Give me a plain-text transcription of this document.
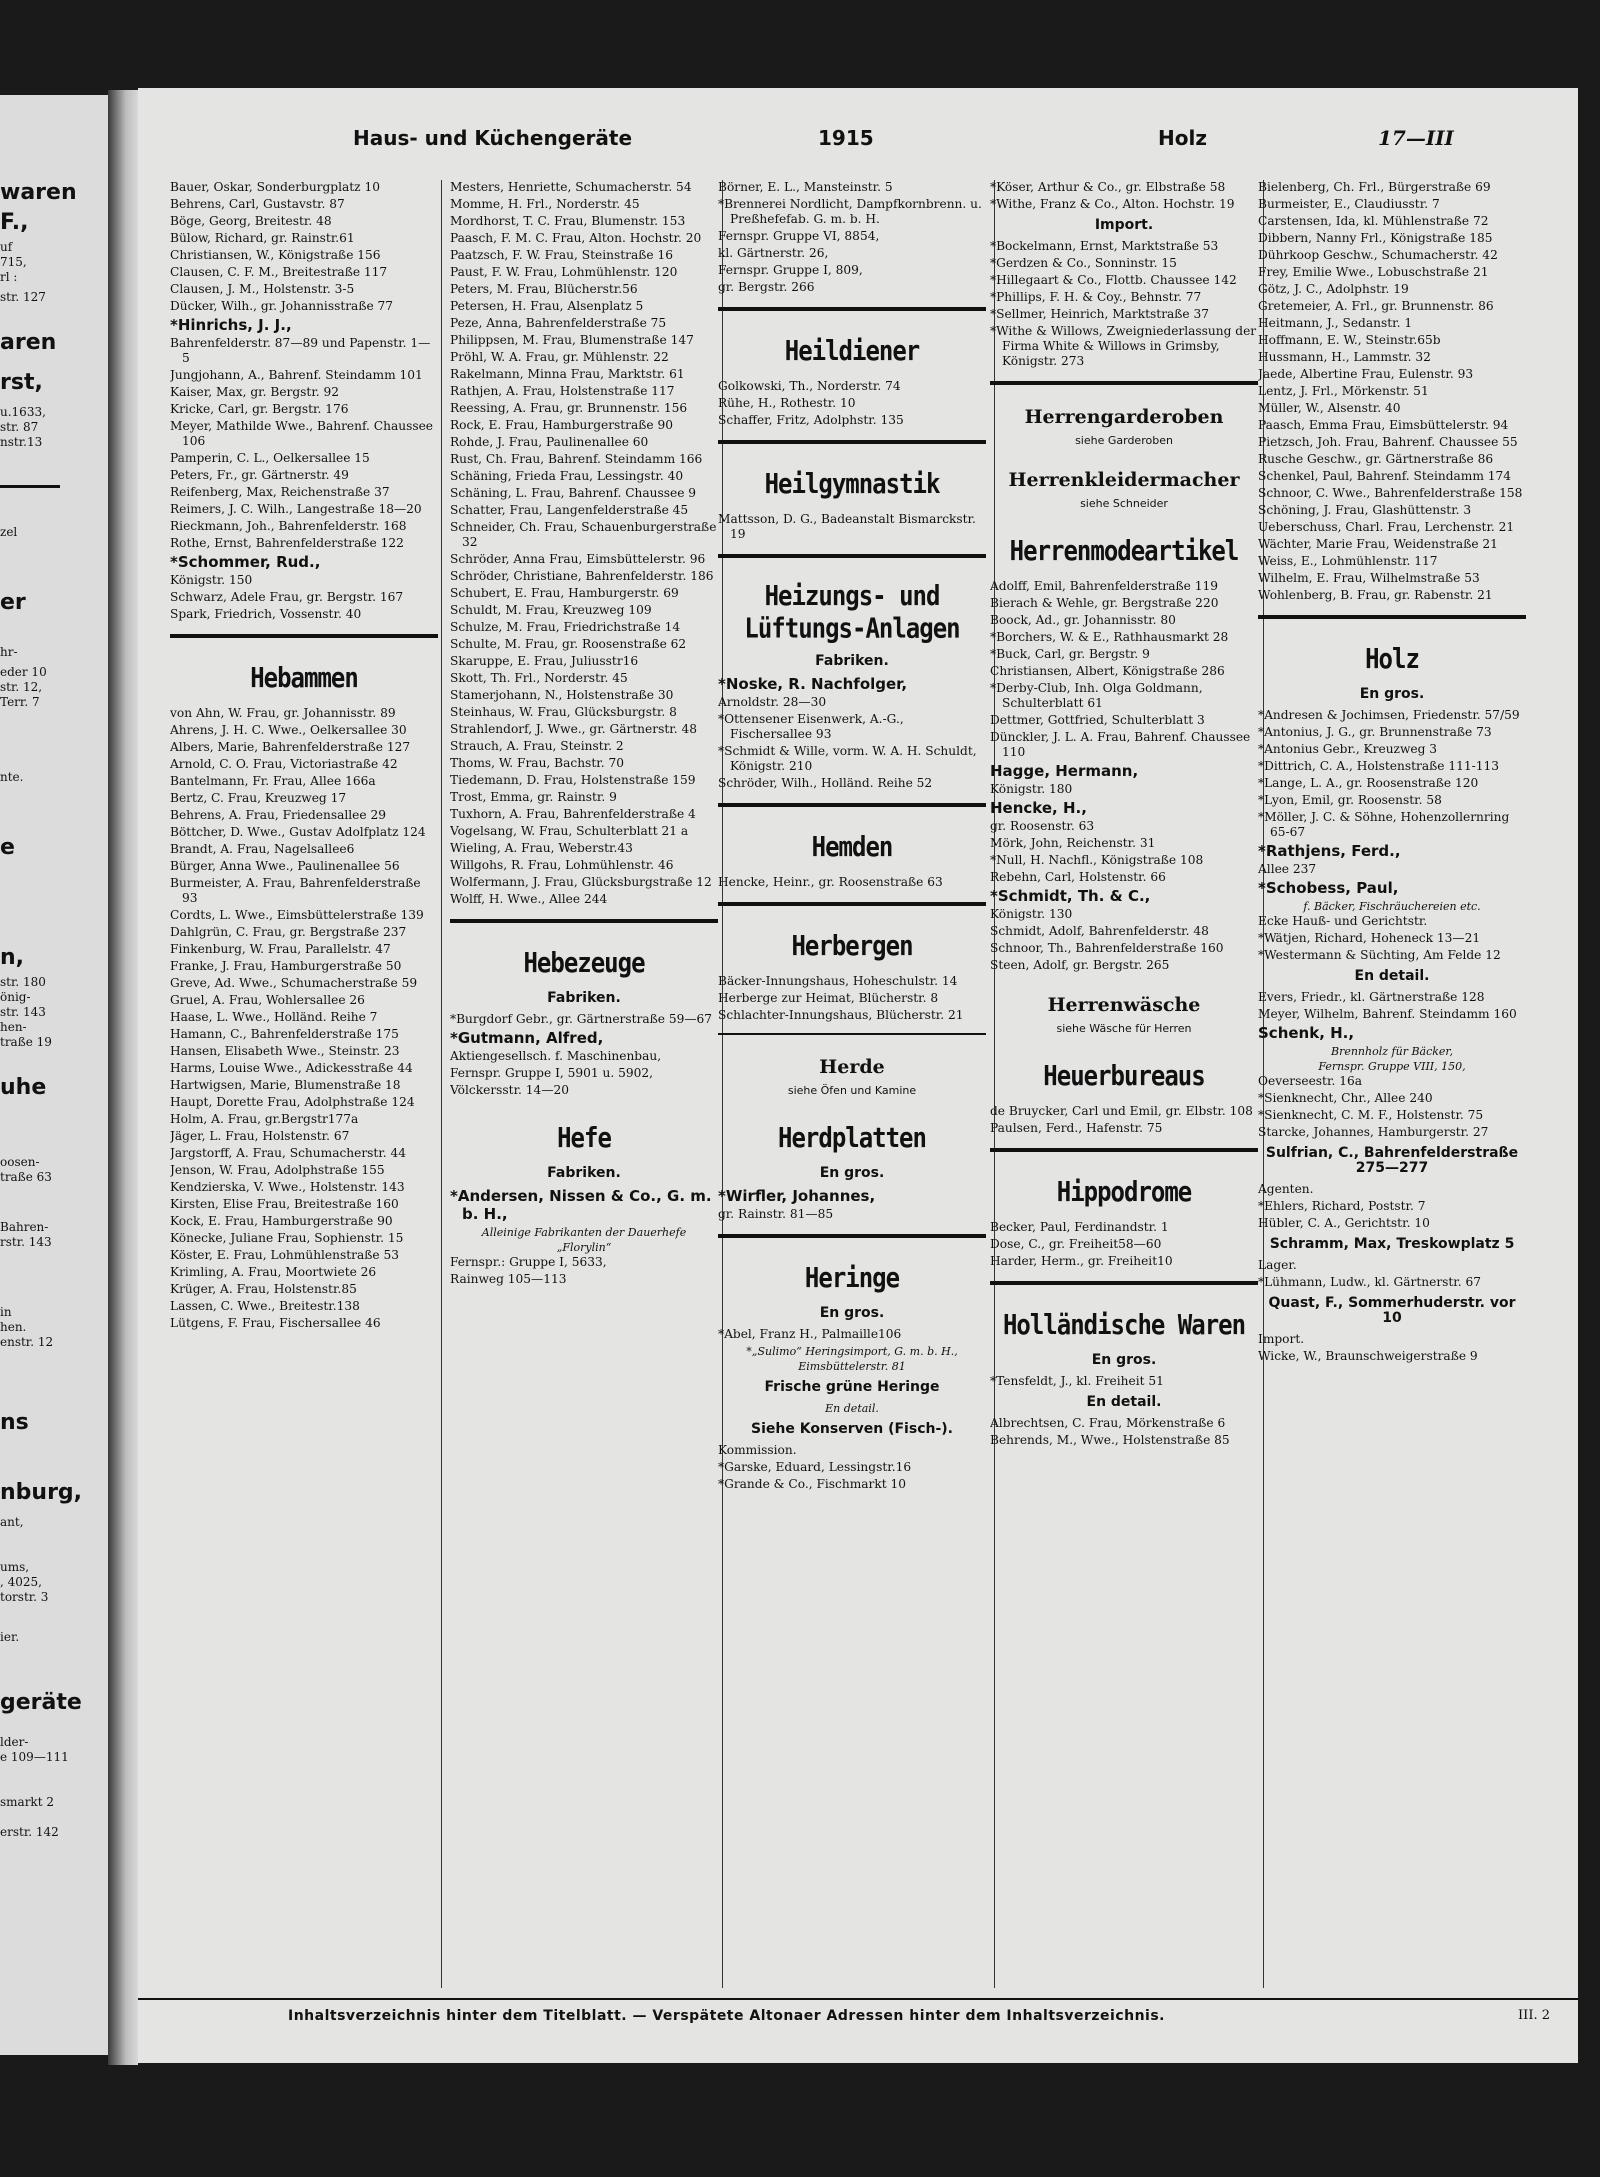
waren
F.,
uf
715,
rl :
str. 127
aren
rst,
u.1633,
str. 87
nstr.13
zel
er
hr-
eder 10
str. 12,
Terr. 7
nte.
e
n,
str. 180
önig-
str. 143
hen-
traße 19
uhe
oosen-
traße 63
Bahren-
rstr. 143
in
hen.
enstr. 12
ns
nburg,
ant,
ums,
, 4025,
torstr. 3
ier.
geräte
lder-
e 109—111
smarkt 2
erstr. 142
Haus- und Küchengeräte	1915	Holz	17—III
Bauer, Oskar, Sonderburgplatz 10
Behrens, Carl, Gustavstr. 87
Böge, Georg, Breitestr. 48
Bülow, Richard, gr. Rainstr.61
Christiansen, W., Königstraße 156
Clausen, C. F. M., Breitestraße 117
Clausen, J. M., Holstenstr. 3-5
Dücker, Wilh., gr. Johannisstraße 77
*Hinrichs, J. J.,
Bahrenfelderstr. 87—89 und Papenstr. 1—5
Jungjohann, A., Bahrenf. Steindamm 101
Kaiser, Max, gr. Bergstr. 92
Kricke, Carl, gr. Bergstr. 176
Meyer, Mathilde Wwe., Bahrenf. Chaussee 106
Pamperin, C. L., Oelkersallee 15
Peters, Fr., gr. Gärtnerstr. 49
Reifenberg, Max, Reichenstraße 37
Reimers, J. C. Wilh., Langestraße 18—20
Rieckmann, Joh., Bahrenfelderstr. 168
Rothe, Ernst, Bahrenfelderstraße 122
*Schommer, Rud.,
Königstr. 150
Schwarz, Adele Frau, gr. Bergstr. 167
Spark, Friedrich, Vossenstr. 40
Hebammen
von Ahn, W. Frau, gr. Johannisstr. 89
Ahrens, J. H. C. Wwe., Oelkersallee 30
Albers, Marie, Bahrenfelderstraße 127
Arnold, C. O. Frau, Victoriastraße 42
Bantelmann, Fr. Frau, Allee 166a
Bertz, C. Frau, Kreuzweg 17
Behrens, A. Frau, Friedensallee 29
Böttcher, D. Wwe., Gustav Adolfplatz 124
Brandt, A. Frau, Nagelsallee6
Bürger, Anna Wwe., Paulinenallee 56
Burmeister, A. Frau, Bahrenfelderstraße 93
Cordts, L. Wwe., Eimsbüttelerstraße 139
Dahlgrün, C. Frau, gr. Bergstraße 237
Finkenburg, W. Frau, Parallelstr. 47
Franke, J. Frau, Hamburgerstraße 50
Greve, Ad. Wwe., Schumacherstraße 59
Gruel, A. Frau, Wohlersallee 26
Haase, L. Wwe., Holländ. Reihe 7
Hamann, C., Bahrenfelderstraße 175
Hansen, Elisabeth Wwe., Steinstr. 23
Harms, Louise Wwe., Adickesstraße 44
Hartwigsen, Marie, Blumenstraße 18
Haupt, Dorette Frau, Adolphstraße 124
Holm, A. Frau, gr.Bergstr177a
Jäger, L. Frau, Holstenstr. 67
Jargstorff, A. Frau, Schumacherstr. 44
Jenson, W. Frau, Adolphstraße 155
Kendzierska, V. Wwe., Holstenstr. 143
Kirsten, Elise Frau, Breitestraße 160
Kock, E. Frau, Hamburgerstraße 90
Könecke, Juliane Frau, Sophienstr. 15
Köster, E. Frau, Lohmühlenstraße 53
Krimling, A. Frau, Moortwiete 26
Krüger, A. Frau, Holstenstr.85
Lassen, C. Wwe., Breitestr.138
Lütgens, F. Frau, Fischersallee 46
Mesters, Henriette, Schumacherstr. 54
Momme, H. Frl., Norderstr. 45
Mordhorst, T. C. Frau, Blumenstr. 153
Paasch, F. M. C. Frau, Alton. Hochstr. 20
Paatzsch, F. W. Frau, Steinstraße 16
Paust, F. W. Frau, Lohmühlenstr. 120
Peters, M. Frau, Blücherstr.56
Petersen, H. Frau, Alsenplatz 5
Peze, Anna, Bahrenfelderstraße 75
Philippsen, M. Frau, Blumenstraße 147
Pröhl, W. A. Frau, gr. Mühlenstr. 22
Rakelmann, Minna Frau, Marktstr. 61
Rathjen, A. Frau, Holstenstraße 117
Reessing, A. Frau, gr. Brunnenstr. 156
Rock, E. Frau, Hamburgerstraße 90
Rohde, J. Frau, Paulinenallee 60
Rust, Ch. Frau, Bahrenf. Steindamm 166
Schäning, Frieda Frau, Lessingstr. 40
Schäning, L. Frau, Bahrenf. Chaussee 9
Schatter, Frau, Langenfelderstraße 45
Schneider, Ch. Frau, Schauenburgerstraße 32
Schröder, Anna Frau, Eimsbüttelerstr. 96
Schröder, Christiane, Bahrenfelderstr. 186
Schubert, E. Frau, Hamburgerstr. 69
Schuldt, M. Frau, Kreuzweg 109
Schulze, M. Frau, Friedrichstraße 14
Schulte, M. Frau, gr. Roosenstraße 62
Skaruppe, E. Frau, Juliusstr16
Skott, Th. Frl., Norderstr. 45
Stamerjohann, N., Holstenstraße 30
Steinhaus, W. Frau, Glücksburgstr. 8
Strahlendorf, J. Wwe., gr. Gärtnerstr. 48
Strauch, A. Frau, Steinstr. 2
Thoms, W. Frau, Bachstr. 70
Tiedemann, D. Frau, Holstenstraße 159
Trost, Emma, gr. Rainstr. 9
Tuxhorn, A. Frau, Bahrenfelderstraße 4
Vogelsang, W. Frau, Schulterblatt 21 a
Wieling, A. Frau, Weberstr.43
Willgohs, R. Frau, Lohmühlenstr. 46
Wolfermann, J. Frau, Glücksburgstraße 12
Wolff, H. Wwe., Allee 244
Hebezeuge
Fabriken.
*Burgdorf Gebr., gr. Gärtnerstraße 59—67
*Gutmann, Alfred,
Aktiengesellsch. f. Maschinenbau,
Fernspr. Gruppe I, 5901 u. 5902,
Völckersstr. 14—20
Hefe
Fabriken.
*Andersen, Nissen & Co., G. m. b. H.,
Alleinige Fabrikanten der Dauerhefe
„Florylin“
Fernspr.: Gruppe I, 5633,
Rainweg 105—113
Börner, E. L., Mansteinstr. 5
*Brennerei Nordlicht, Dampfkornbrenn. u. Preßhefefab. G. m. b. H.
Fernspr. Gruppe VI, 8854,
kl. Gärtnerstr. 26,
Fernspr. Gruppe I, 809,
gr. Bergstr. 266
Heildiener
Golkowski, Th., Norderstr. 74
Rühe, H., Rothestr. 10
Schaffer, Fritz, Adolphstr. 135
Heilgymnastik
Mattsson, D. G., Badeanstalt Bismarckstr. 19
Heizungs- und Lüftungs-Anlagen
Fabriken.
*Noske, R. Nachfolger,
Arnoldstr. 28—30
*Ottensener Eisenwerk, A.-G., Fischersallee 93
*Schmidt & Wille, vorm. W. A. H. Schuldt, Königstr. 210
Schröder, Wilh., Holländ. Reihe 52
Hemden
Hencke, Heinr., gr. Roosenstraße 63
Herbergen
Bäcker-Innungshaus, Hoheschulstr. 14
Herberge zur Heimat, Blücherstr. 8
Schlachter-Innungshaus, Blücherstr. 21
Herde
siehe Öfen und Kamine
Herdplatten
En gros.
*Wirfler, Johannes,
gr. Rainstr. 81—85
Heringe
En gros.
*Abel, Franz H., Palmaille106
*„Sulimo“ Heringsimport, G. m. b. H., Eimsbüttelerstr. 81
Frische grüne Heringe
En detail.
Siehe Konserven (Fisch-).
Kommission.
*Garske, Eduard, Lessingstr.16
*Grande & Co., Fischmarkt 10
*Köser, Arthur & Co., gr. Elbstraße 58
*Withe, Franz & Co., Alton. Hochstr. 19
Import.
*Bockelmann, Ernst, Marktstraße 53
*Gerdzen & Co., Sonninstr. 15
*Hillegaart & Co., Flottb. Chaussee 142
*Phillips, F. H. & Coy., Behnstr. 77
*Sellmer, Heinrich, Marktstraße 37
*Withe & Willows, Zweigniederlassung der Firma White & Willows in Grimsby, Königstr. 273
Herrengarderoben
siehe Garderoben
Herrenkleidermacher
siehe Schneider
Herrenmodeartikel
Adolff, Emil, Bahrenfelderstraße 119
Bierach & Wehle, gr. Bergstraße 220
Boock, Ad., gr. Johannisstr. 80
*Borchers, W. & E., Rathhausmarkt 28
*Buck, Carl, gr. Bergstr. 9
Christiansen, Albert, Königstraße 286
*Derby-Club, Inh. Olga Goldmann, Schulterblatt 61
Dettmer, Gottfried, Schulterblatt 3
Dünckler, J. L. A. Frau, Bahrenf. Chaussee 110
Hagge, Hermann,
Königstr. 180
Hencke, H.,
gr. Roosenstr. 63
Mörk, John, Reichenstr. 31
*Null, H. Nachfl., Königstraße 108
Rebehn, Carl, Holstenstr. 66
*Schmidt, Th. & C.,
Königstr. 130
Schmidt, Adolf, Bahrenfelderstr. 48
Schnoor, Th., Bahrenfelderstraße 160
Steen, Adolf, gr. Bergstr. 265
Herrenwäsche
siehe Wäsche für Herren
Heuerbureaus
de Bruycker, Carl und Emil, gr. Elbstr. 108
Paulsen, Ferd., Hafenstr. 75
Hippodrome
Becker, Paul, Ferdinandstr. 1
Dose, C., gr. Freiheit58—60
Harder, Herm., gr. Freiheit10
Holländische Waren
En gros.
*Tensfeldt, J., kl. Freiheit 51
En detail.
Albrechtsen, C. Frau, Mörkenstraße 6
Behrends, M., Wwe., Holstenstraße 85
Bielenberg, Ch. Frl., Bürgerstraße 69
Burmeister, E., Claudiusstr. 7
Carstensen, Ida, kl. Mühlenstraße 72
Dibbern, Nanny Frl., Königstraße 185
Dührkoop Geschw., Schumacherstr. 42
Frey, Emilie Wwe., Lobuschstraße 21
Götz, J. C., Adolphstr. 19
Gretemeier, A. Frl., gr. Brunnenstr. 86
Heitmann, J., Sedanstr. 1
Hoffmann, E. W., Steinstr.65b
Hussmann, H., Lammstr. 32
Jaede, Albertine Frau, Eulenstr. 93
Lentz, J. Frl., Mörkenstr. 51
Müller, W., Alsenstr. 40
Paasch, Emma Frau, Eimsbüttelerstr. 94
Pietzsch, Joh. Frau, Bahrenf. Chaussee 55
Rusche Geschw., gr. Gärtnerstraße 86
Schenkel, Paul, Bahrenf. Steindamm 174
Schnoor, C. Wwe., Bahrenfelderstraße 158
Schöning, J. Frau, Glashüttenstr. 3
Ueberschuss, Charl. Frau, Lerchenstr. 21
Wächter, Marie Frau, Weidenstraße 21
Weiss, E., Lohmühlenstr. 117
Wilhelm, E. Frau, Wilhelmstraße 53
Wohlenberg, B. Frau, gr. Rabenstr. 21
Holz
En gros.
*Andresen & Jochimsen, Friedenstr. 57/59
*Antonius, J. G., gr. Brunnenstraße 73
*Antonius Gebr., Kreuzweg 3
*Dittrich, C. A., Holstenstraße 111-113
*Lange, L. A., gr. Roosenstraße 120
*Lyon, Emil, gr. Roosenstr. 58
*Möller, J. C. & Söhne, Hohenzollernring 65-67
*Rathjens, Ferd.,
Allee 237
*Schobess, Paul,
f. Bäcker, Fischräuchereien etc.
Ecke Hauß- und Gerichtstr.
*Wätjen, Richard, Hoheneck 13—21
*Westermann & Süchting, Am Felde 12
En detail.
Evers, Friedr., kl. Gärtnerstraße 128
Meyer, Wilhelm, Bahrenf. Steindamm 160
Schenk, H.,
Brennholz für Bäcker,
Fernspr. Gruppe VIII, 150,
Oeverseestr. 16a
*Sienknecht, Chr., Allee 240
*Sienknecht, C. M. F., Holstenstr. 75
Starcke, Johannes, Hamburgerstr. 27
Sulfrian, C., Bahrenfelderstraße 275—277
Agenten.
*Ehlers, Richard, Poststr. 7
Hübler, C. A., Gerichtstr. 10
Schramm, Max, Treskowplatz 5
Lager.
*Lühmann, Ludw., kl. Gärtnerstr. 67
Quast, F., Sommerhuderstr. vor 10
Import.
Wicke, W., Braunschweigerstraße 9
Inhaltsverzeichnis hinter dem Titelblatt. — Verspätete Altonaer Adressen hinter dem Inhaltsverzeichnis.	III. 2
